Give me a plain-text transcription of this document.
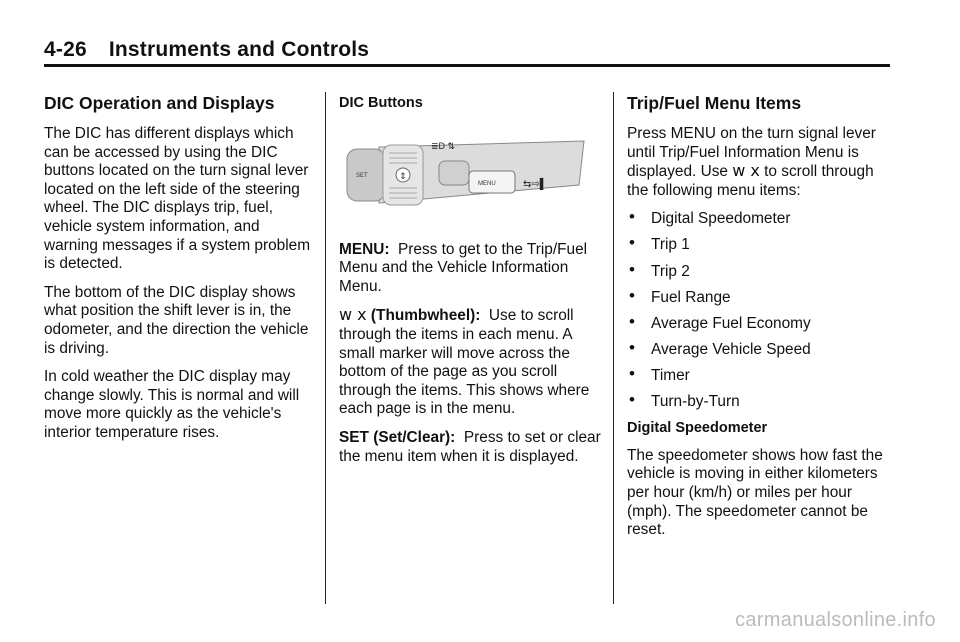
4-26 Instruments and Controls
DIC Operation and Displays

The DIC has different displays which can be accessed by using the DIC buttons located on the turn signal lever located on the left side of the steering wheel. The DIC displays trip, fuel, vehicle system information, and warning messages if a system problem is detected.

The bottom of the DIC display shows what position the shift lever is in, the odometer, and the direction the vehicle is driving.

In cold weather the DIC display may change slowly. This is normal and will move more quickly as the vehicle's interior temperature rises.

DIC Buttons
SET	⇕
MENU
≣D ⇅
⇆⇨▌

MENU: Press to get to the Trip/Fuel Menu and the Vehicle Information Menu.

w x (Thumbwheel): Use to scroll through the items in each menu. A small marker will move across the bottom of the page as you scroll through the items. This shows where each page is in the menu.

SET (Set/Clear): Press to set or clear the menu item when it is displayed.

Trip/Fuel Menu Items

Press MENU on the turn signal lever until Trip/Fuel Information Menu is displayed. Use w x to scroll through the following menu items:

• Digital Speedometer
• Trip 1
• Trip 2
• Fuel Range
• Average Fuel Economy
• Average Vehicle Speed
• Timer
• Turn-by-Turn
Digital Speedometer

The speedometer shows how fast the vehicle is moving in either kilometers per hour (km/h) or miles per hour (mph). The speedometer cannot be reset.

carmanualsonline.info
